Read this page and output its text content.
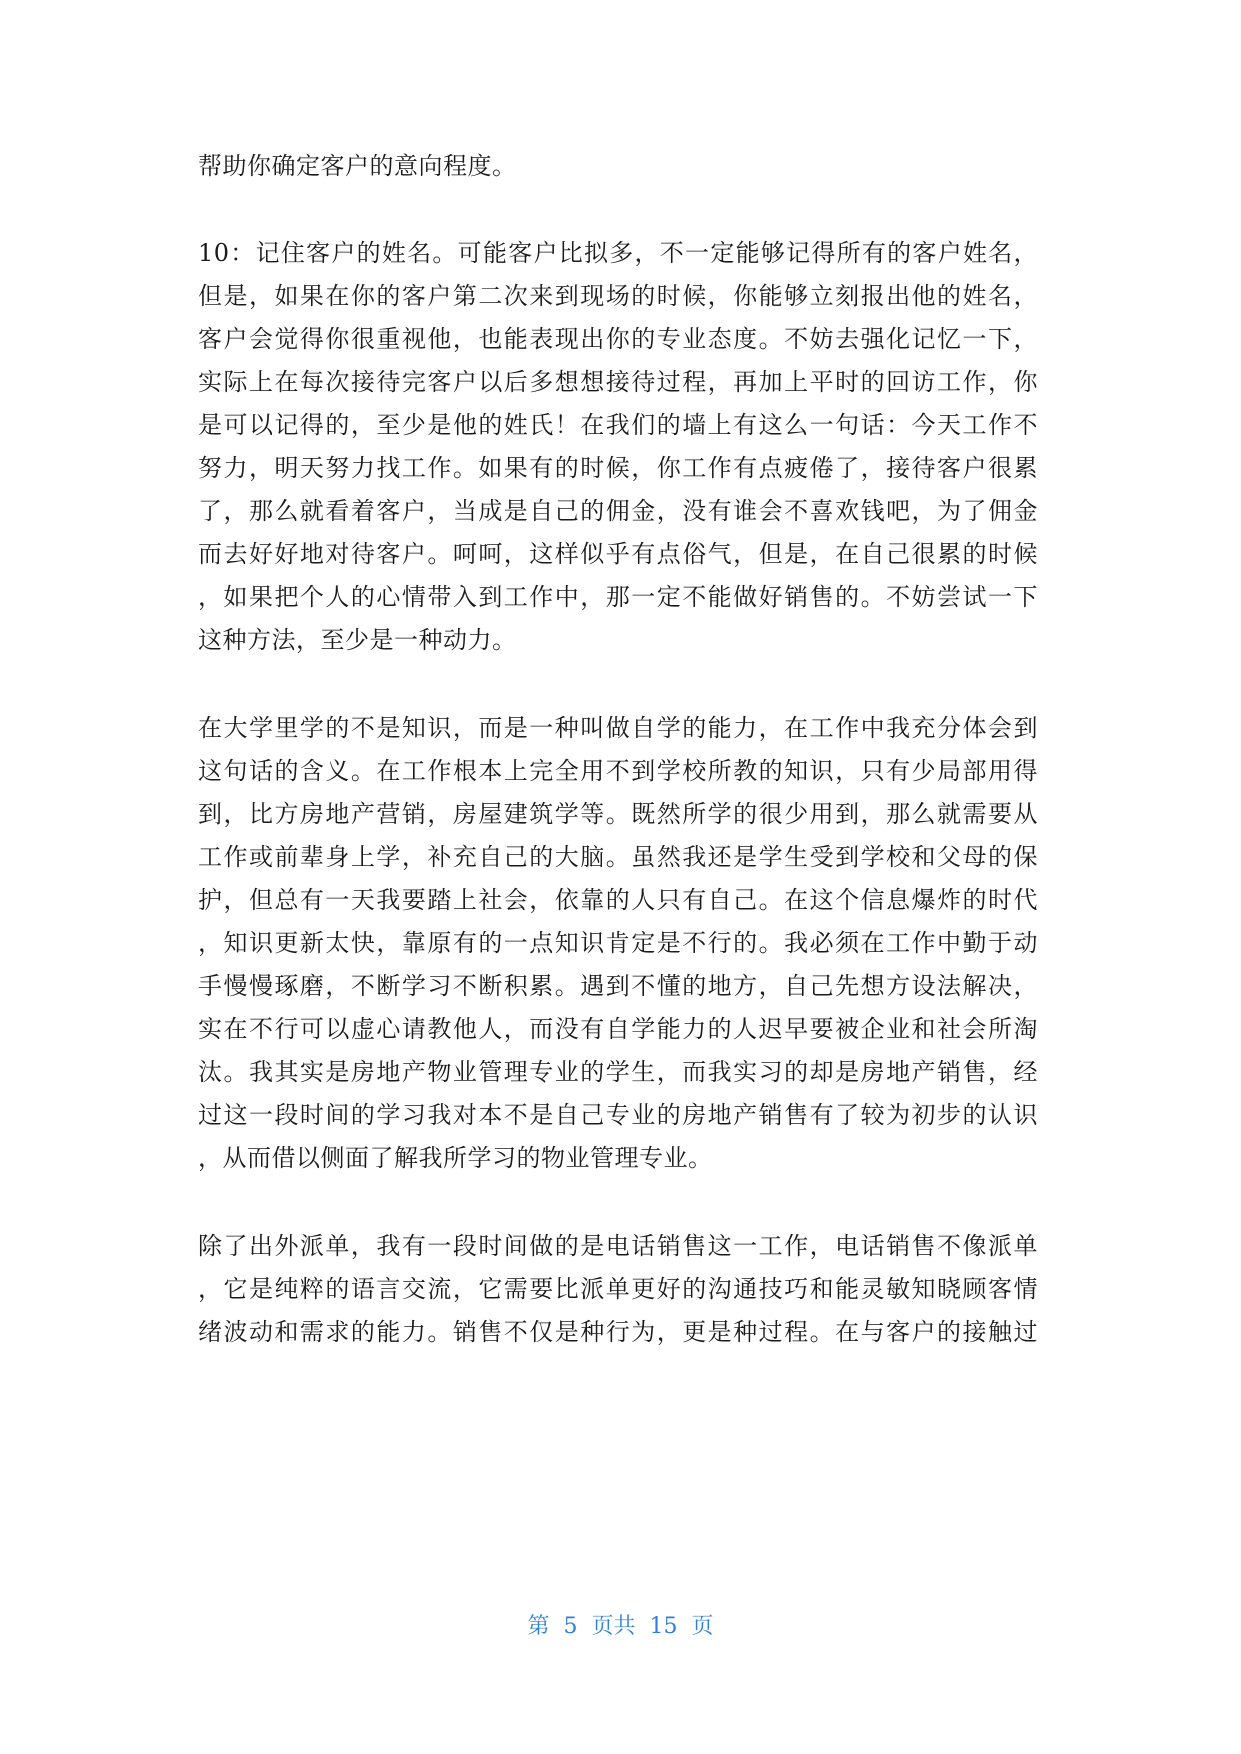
帮助你确定客户的意向程度。
10：记住客户的姓名。可能客户比拟多，不一定能够记得所有的客户姓名，
但是，如果在你的客户第二次来到现场的时候，你能够立刻报出他的姓名，
客户会觉得你很重视他，也能表现出你的专业态度。不妨去强化记忆一下，
实际上在每次接待完客户以后多想想接待过程，再加上平时的回访工作，你
是可以记得的，至少是他的姓氏！在我们的墙上有这么一句话：今天工作不
努力，明天努力找工作。如果有的时候，你工作有点疲倦了，接待客户很累
了，那么就看着客户，当成是自己的佣金，没有谁会不喜欢钱吧，为了佣金
而去好好地对待客户。呵呵，这样似乎有点俗气，但是，在自己很累的时候
，如果把个人的心情带入到工作中，那一定不能做好销售的。不妨尝试一下
这种方法，至少是一种动力。
在大学里学的不是知识，而是一种叫做自学的能力，在工作中我充分体会到
这句话的含义。在工作根本上完全用不到学校所教的知识，只有少局部用得
到，比方房地产营销，房屋建筑学等。既然所学的很少用到，那么就需要从
工作或前辈身上学，补充自己的大脑。虽然我还是学生受到学校和父母的保
护，但总有一天我要踏上社会，依靠的人只有自己。在这个信息爆炸的时代
，知识更新太快，靠原有的一点知识肯定是不行的。我必须在工作中勤于动
手慢慢琢磨，不断学习不断积累。遇到不懂的地方，自己先想方设法解决，
实在不行可以虚心请教他人，而没有自学能力的人迟早要被企业和社会所淘
汰。我其实是房地产物业管理专业的学生，而我实习的却是房地产销售，经
过这一段时间的学习我对本不是自己专业的房地产销售有了较为初步的认识
，从而借以侧面了解我所学习的物业管理专业。
除了出外派单，我有一段时间做的是电话销售这一工作，电话销售不像派单
，它是纯粹的语言交流，它需要比派单更好的沟通技巧和能灵敏知晓顾客情
绪波动和需求的能力。销售不仅是种行为，更是种过程。在与客户的接触过
第 5 页共 15 页
